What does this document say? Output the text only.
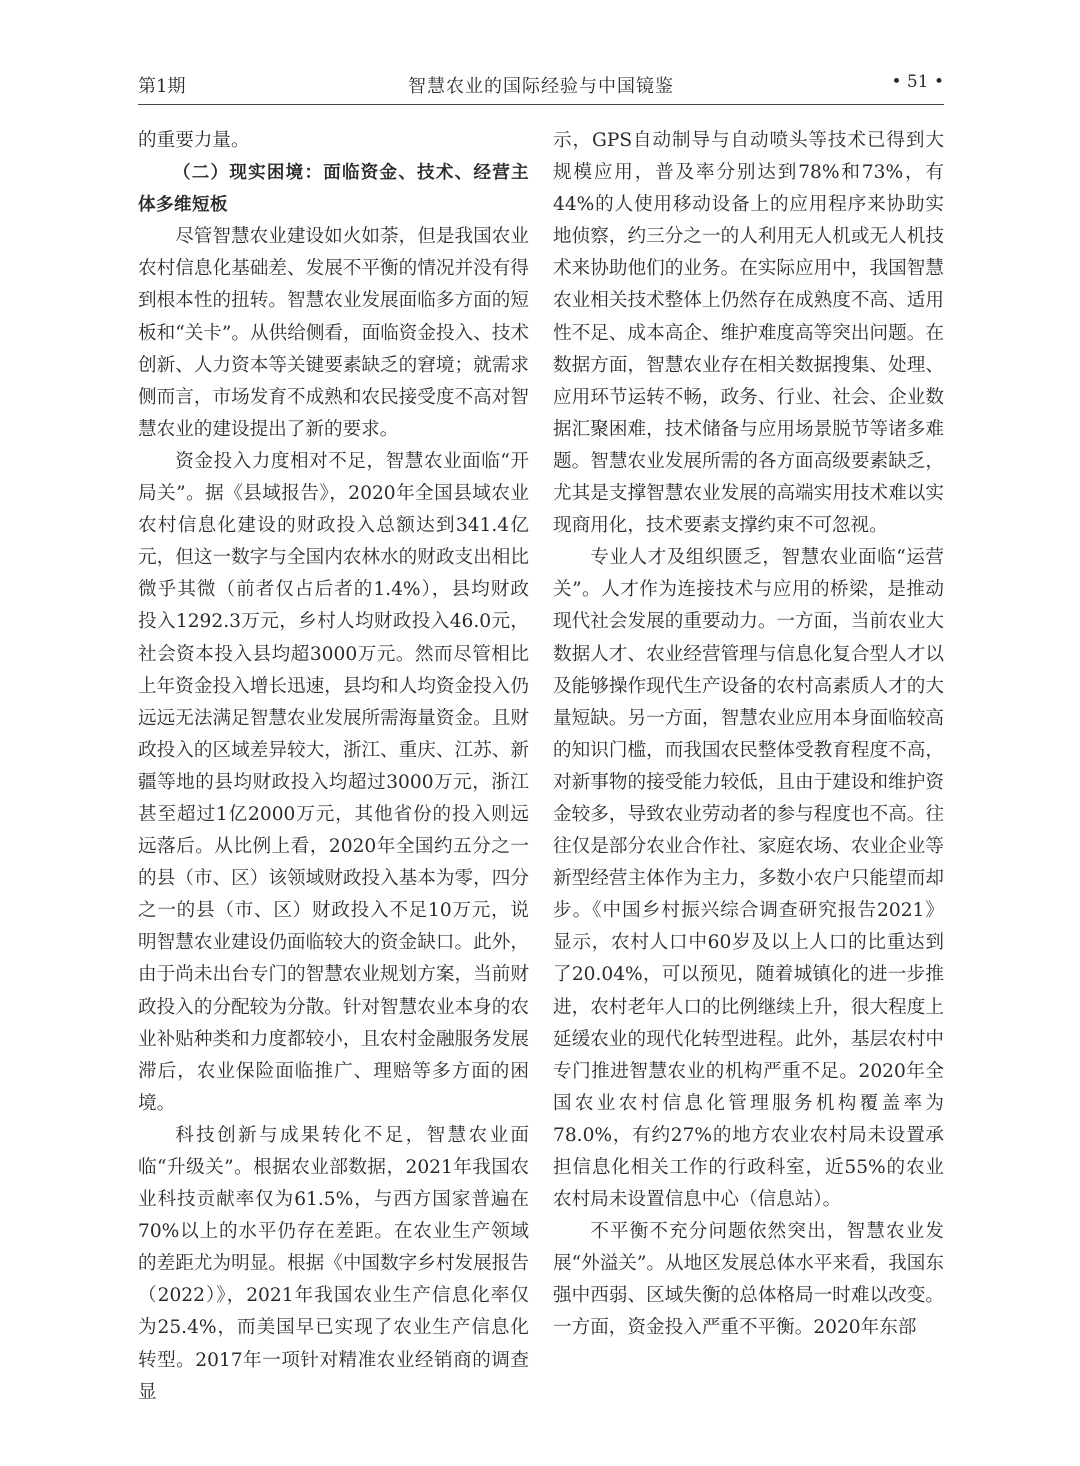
第1期	智慧农业的国际经验与中国镜鉴	• 51 •

的重要力量。

（二）现实困境：面临资金、技术、经营主体多维短板

尽管智慧农业建设如火如荼，但是我国农业农村信息化基础差、发展不平衡的情况并没有得到根本性的扭转。智慧农业发展面临多方面的短板和“关卡”。从供给侧看，面临资金投入、技术创新、人力资本等关键要素缺乏的窘境；就需求侧而言，市场发育不成熟和农民接受度不高对智慧农业的建设提出了新的要求。

资金投入力度相对不足，智慧农业面临“开局关”。据《县域报告》，2020年全国县域农业农村信息化建设的财政投入总额达到341.4亿元，但这一数字与全国内农林水的财政支出相比微乎其微（前者仅占后者的1.4%），县均财政投入1292.3万元，乡村人均财政投入46.0元，社会资本投入县均超3000万元。然而尽管相比上年资金投入增长迅速，县均和人均资金投入仍远远无法满足智慧农业发展所需海量资金。且财政投入的区域差异较大，浙江、重庆、江苏、新疆等地的县均财政投入均超过3000万元，浙江甚至超过1亿2000万元，其他省份的投入则远远落后。从比例上看，2020年全国约五分之一的县（市、区）该领域财政投入基本为零，四分之一的县（市、区）财政投入不足10万元，说明智慧农业建设仍面临较大的资金缺口。此外，由于尚未出台专门的智慧农业规划方案，当前财政投入的分配较为分散。针对智慧农业本身的农业补贴种类和力度都较小，且农村金融服务发展滞后，农业保险面临推广、理赔等多方面的困境。

科技创新与成果转化不足，智慧农业面临“升级关”。根据农业部数据，2021年我国农业科技贡献率仅为61.5%，与西方国家普遍在70%以上的水平仍存在差距。在农业生产领域的差距尤为明显。根据《中国数字乡村发展报告（2022）》，2021年我国农业生产信息化率仅为25.4%，而美国早已实现了农业生产信息化转型。2017年一项针对精准农业经销商的调查显

示，GPS自动制导与自动喷头等技术已得到大规模应用，普及率分别达到78%和73%，有44%的人使用移动设备上的应用程序来协助实地侦察，约三分之一的人利用无人机或无人机技术来协助他们的业务。在实际应用中，我国智慧农业相关技术整体上仍然存在成熟度不高、适用性不足、成本高企、维护难度高等突出问题。在数据方面，智慧农业存在相关数据搜集、处理、应用环节运转不畅，政务、行业、社会、企业数据汇聚困难，技术储备与应用场景脱节等诸多难题。智慧农业发展所需的各方面高级要素缺乏，尤其是支撑智慧农业发展的高端实用技术难以实现商用化，技术要素支撑约束不可忽视。

专业人才及组织匮乏，智慧农业面临“运营关”。人才作为连接技术与应用的桥梁，是推动现代社会发展的重要动力。一方面，当前农业大数据人才、农业经营管理与信息化复合型人才以及能够操作现代生产设备的农村高素质人才的大量短缺。另一方面，智慧农业应用本身面临较高的知识门槛，而我国农民整体受教育程度不高，对新事物的接受能力较低，且由于建设和维护资金较多，导致农业劳动者的参与程度也不高。往往仅是部分农业合作社、家庭农场、农业企业等新型经营主体作为主力，多数小农户只能望而却步。《中国乡村振兴综合调查研究报告2021》显示，农村人口中60岁及以上人口的比重达到了20.04%，可以预见，随着城镇化的进一步推进，农村老年人口的比例继续上升，很大程度上延缓农业的现代化转型进程。此外，基层农村中专门推进智慧农业的机构严重不足。2020年全国农业农村信息化管理服务机构覆盖率为78.0%，有约27%的地方农业农村局未设置承担信息化相关工作的行政科室，近55%的农业农村局未设置信息中心（信息站）。

不平衡不充分问题依然突出，智慧农业发展“外溢关”。从地区发展总体水平来看，我国东强中西弱、区域失衡的总体格局一时难以改变。一方面，资金投入严重不平衡。2020年东部
